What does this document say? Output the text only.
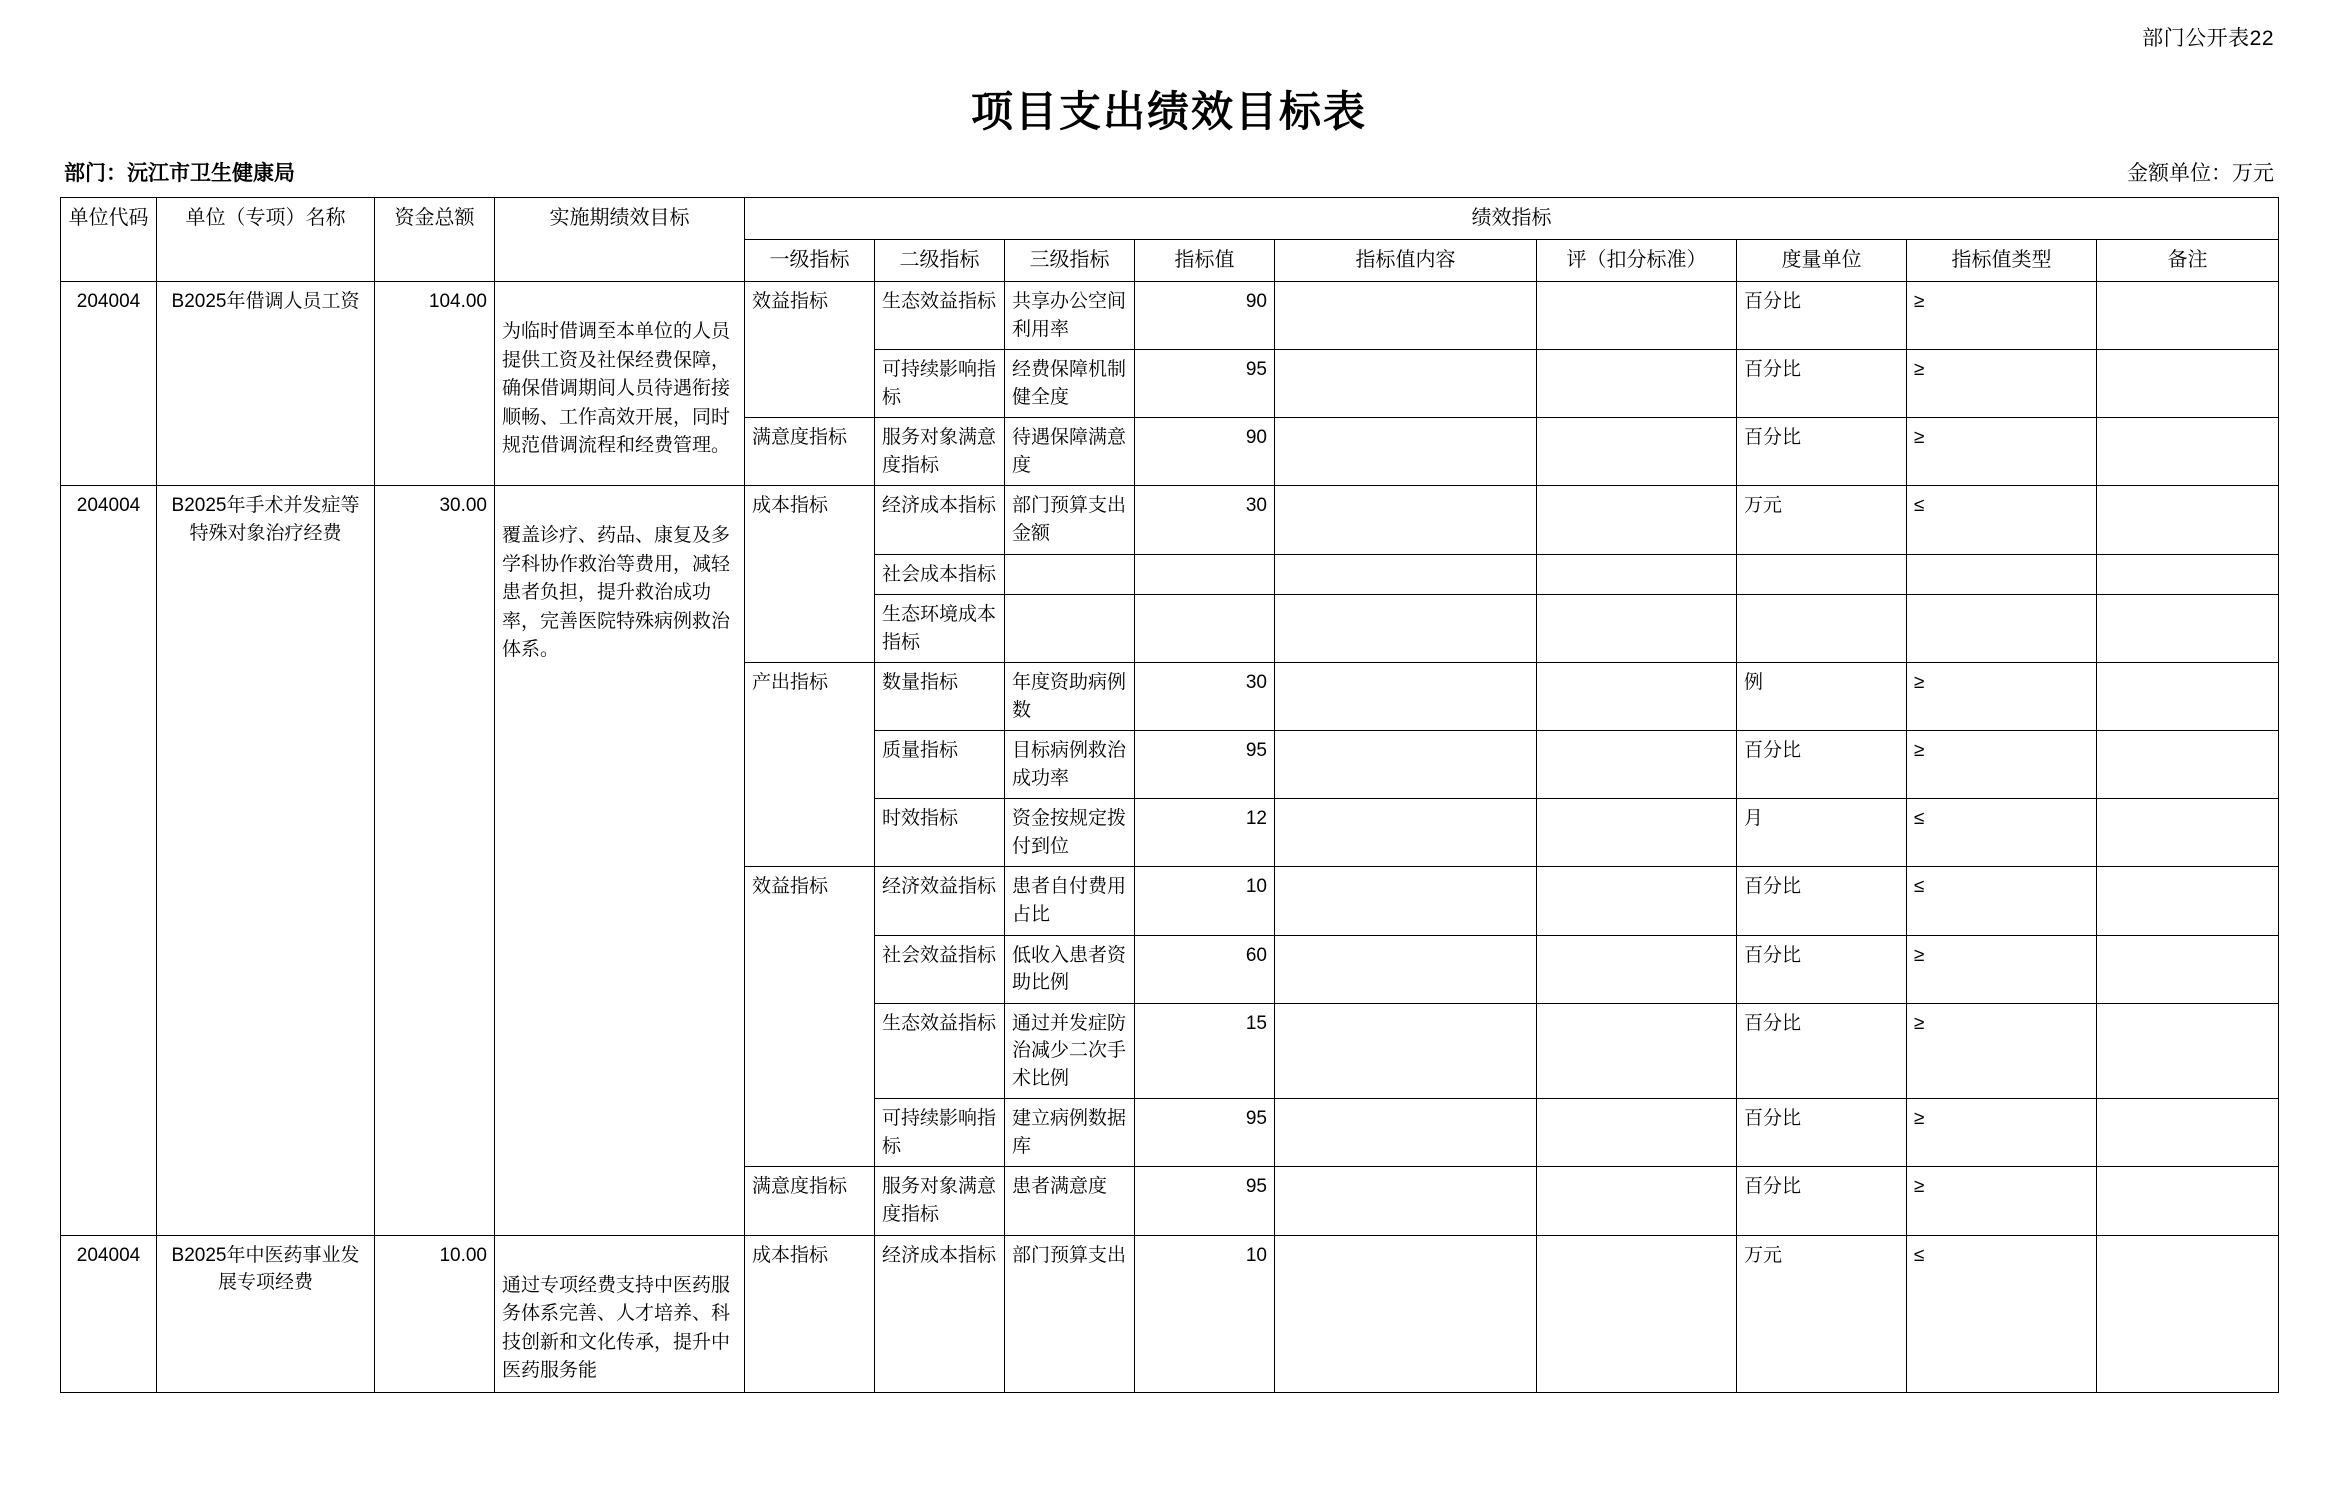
部门公开表22
项目支出绩效目标表
部门：沅江市卫生健康局	金额单位：万元
单位代码	单位（专项）名称	资金总额	实施期绩效目标	绩效指标								
				一级指标	二级指标	三级指标	指标值	指标值内容	评（扣分标准）	度量单位	指标值类型	备注
204004	B2025年借调人员工资	104.00	为临时借调至本单位的人员提供工资及社保经费保障，确保借调期间人员待遇衔接顺畅、工作高效开展，同时规范借调流程和经费管理。	效益指标	生态效益指标	共享办公空间利用率	90			百分比	≥	
					可持续影响指标	经费保障机制健全度	95			百分比	≥	
				满意度指标	服务对象满意度指标	待遇保障满意度	90			百分比	≥	
204004	B2025年手术并发症等特殊对象治疗经费	30.00	覆盖诊疗、药品、康复及多学科协作救治等费用，减轻患者负担，提升救治成功率，完善医院特殊病例救治体系。	成本指标	经济成本指标	部门预算支出金额	30			万元	≤	
					社会成本指标							
					生态环境成本指标							
				产出指标	数量指标	年度资助病例数	30			例	≥	
					质量指标	目标病例救治成功率	95			百分比	≥	
					时效指标	资金按规定拨付到位	12			月	≤	
				效益指标	经济效益指标	患者自付费用占比	10			百分比	≤	
					社会效益指标	低收入患者资助比例	60			百分比	≥	
					生态效益指标	通过并发症防治减少二次手术比例	15			百分比	≥	
					可持续影响指标	建立病例数据库	95			百分比	≥	
				满意度指标	服务对象满意度指标	患者满意度	95			百分比	≥	
204004	B2025年中医药事业发展专项经费	10.00	通过专项经费支持中医药服务体系完善、人才培养、科技创新和文化传承，提升中医药服务能	成本指标	经济成本指标	部门预算支出	10			万元	≤	
